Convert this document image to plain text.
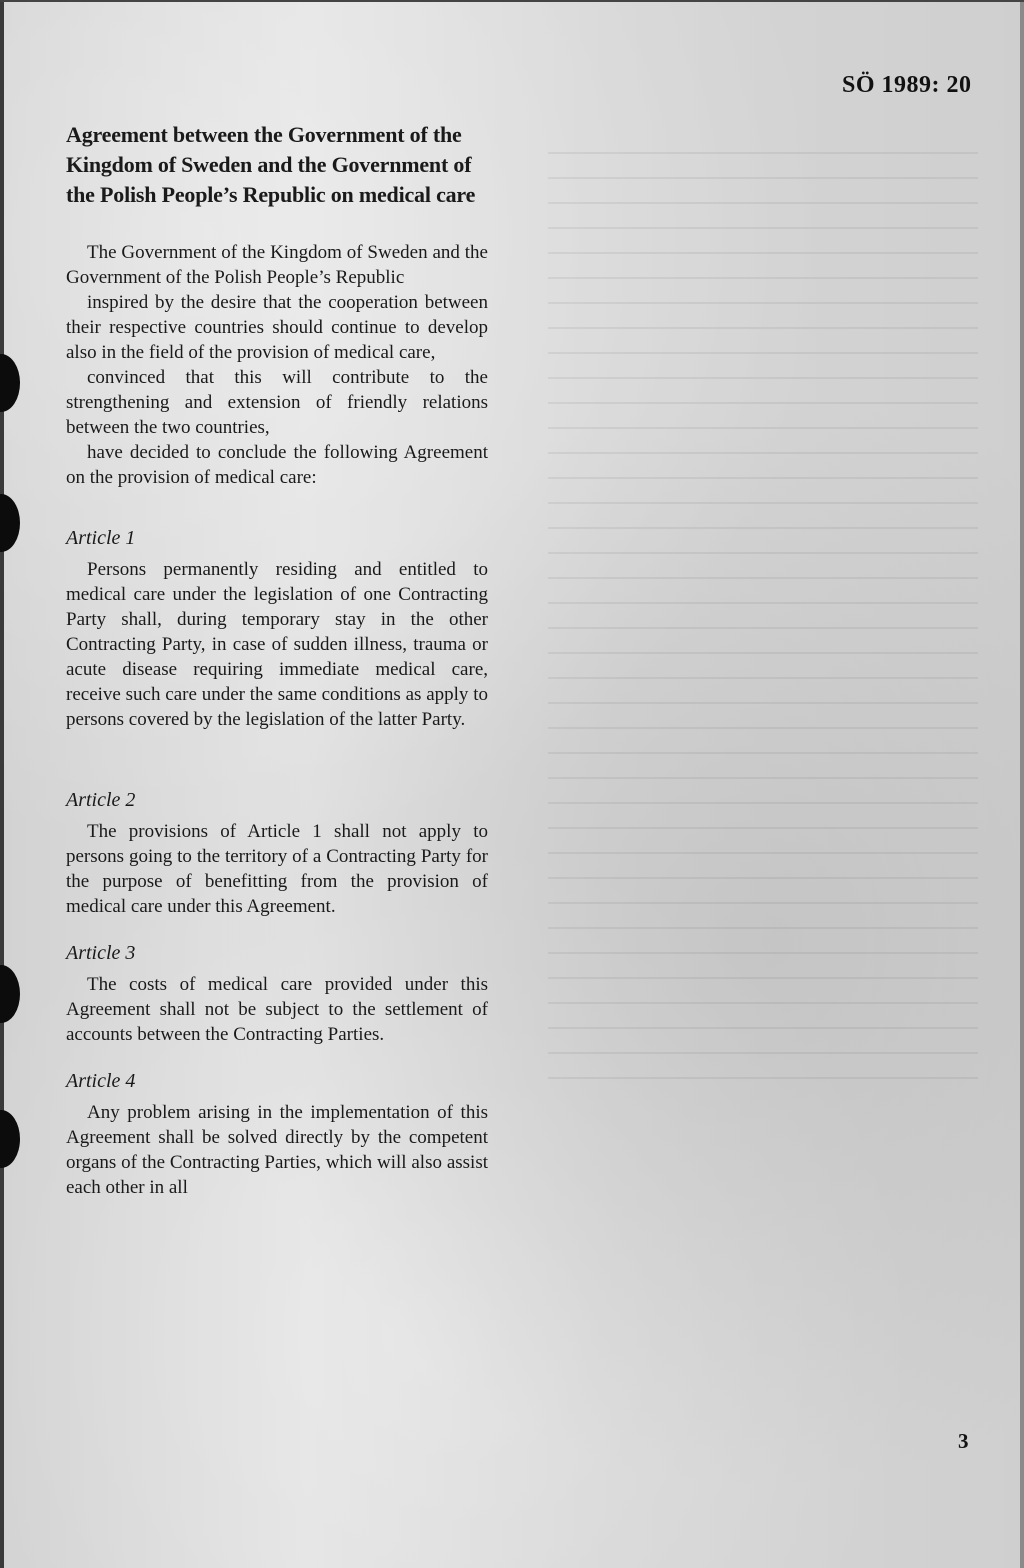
SÖ 1989: 20
Agreement between the Government of the Kingdom of Sweden and the Government of the Polish People’s Republic on medical care

The Government of the Kingdom of Sweden and the Government of the Polish People’s Republic

inspired by the desire that the cooperation between their respective countries should continue to develop also in the field of the provision of medical care,

convinced that this will contribute to the strengthening and extension of friendly relations between the two countries,

have decided to conclude the following Agreement on the provision of medical care:

Article 1

Persons permanently residing and entitled to medical care under the legislation of one Contracting Party shall, during temporary stay in the other Contracting Party, in case of sudden illness, trauma or acute disease requiring immediate medical care, receive such care under the same conditions as apply to persons covered by the legislation of the latter Party.

Article 2

The provisions of Article 1 shall not apply to persons going to the territory of a Contracting Party for the purpose of benefitting from the provision of medical care under this Agreement.

Article 3

The costs of medical care provided under this Agreement shall not be subject to the settlement of accounts between the Contracting Parties.

Article 4

Any problem arising in the implementation of this Agreement shall be solved directly by the competent organs of the Contracting Parties, which will also assist each other in all

3
